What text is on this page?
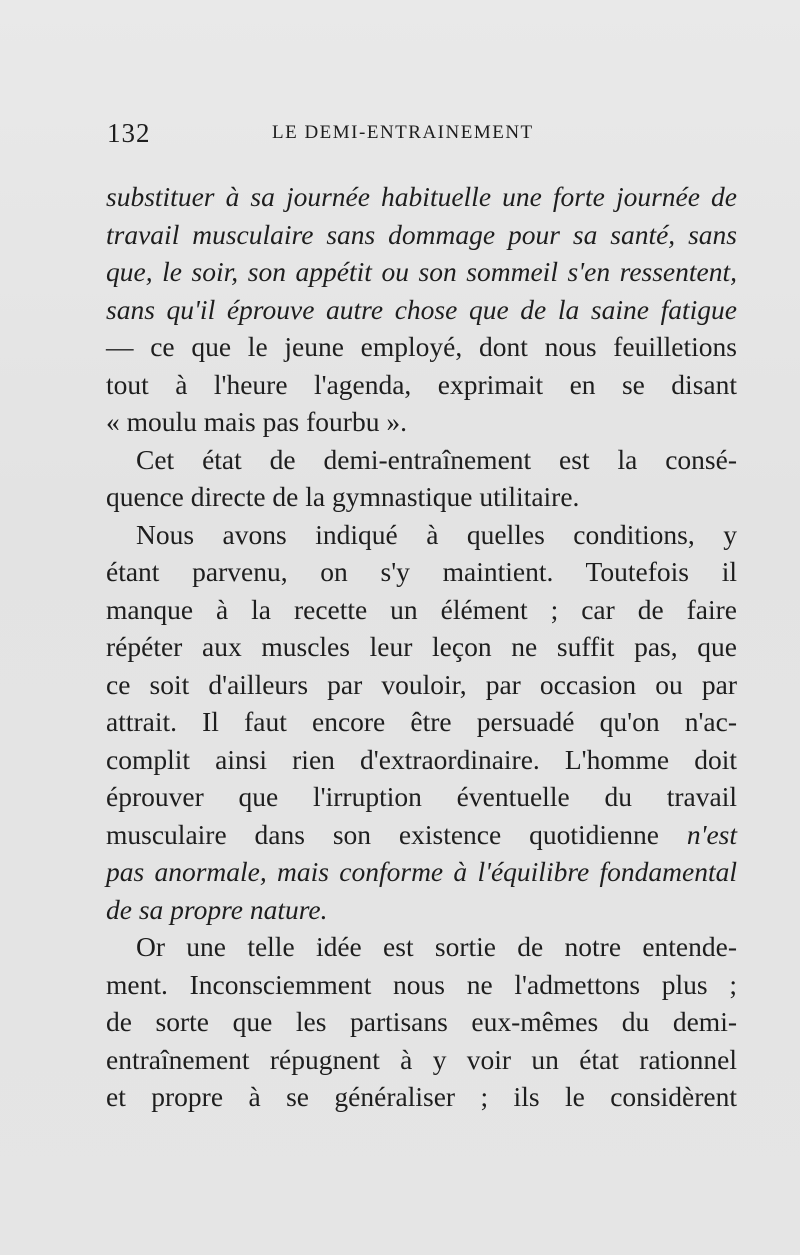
132	LE DEMI-ENTRAINEMENT
substituer à sa journée habituelle une forte journée de
travail musculaire sans dommage pour sa santé, sans
que, le soir, son appétit ou son sommeil s'en ressentent,
sans qu'il éprouve autre chose que de la saine fatigue
— ce que le jeune employé, dont nous feuilletions
tout à l'heure l'agenda, exprimait en se disant
« moulu mais pas fourbu ».
Cet état de demi-entraînement est la consé-
quence directe de la gymnastique utilitaire.
Nous avons indiqué à quelles conditions, y
étant parvenu, on s'y maintient. Toutefois il
manque à la recette un élément ; car de faire
répéter aux muscles leur leçon ne suffit pas, que
ce soit d'ailleurs par vouloir, par occasion ou par
attrait. Il faut encore être persuadé qu'on n'ac-
complit ainsi rien d'extraordinaire. L'homme doit
éprouver que l'irruption éventuelle du travail
musculaire dans son existence quotidienne n'est
pas anormale, mais conforme à l'équilibre fondamental
de sa propre nature.
Or une telle idée est sortie de notre entende-
ment. Inconsciemment nous ne l'admettons plus ;
de sorte que les partisans eux-mêmes du demi-
entraînement répugnent à y voir un état rationnel
et propre à se généraliser ; ils le considèrent
